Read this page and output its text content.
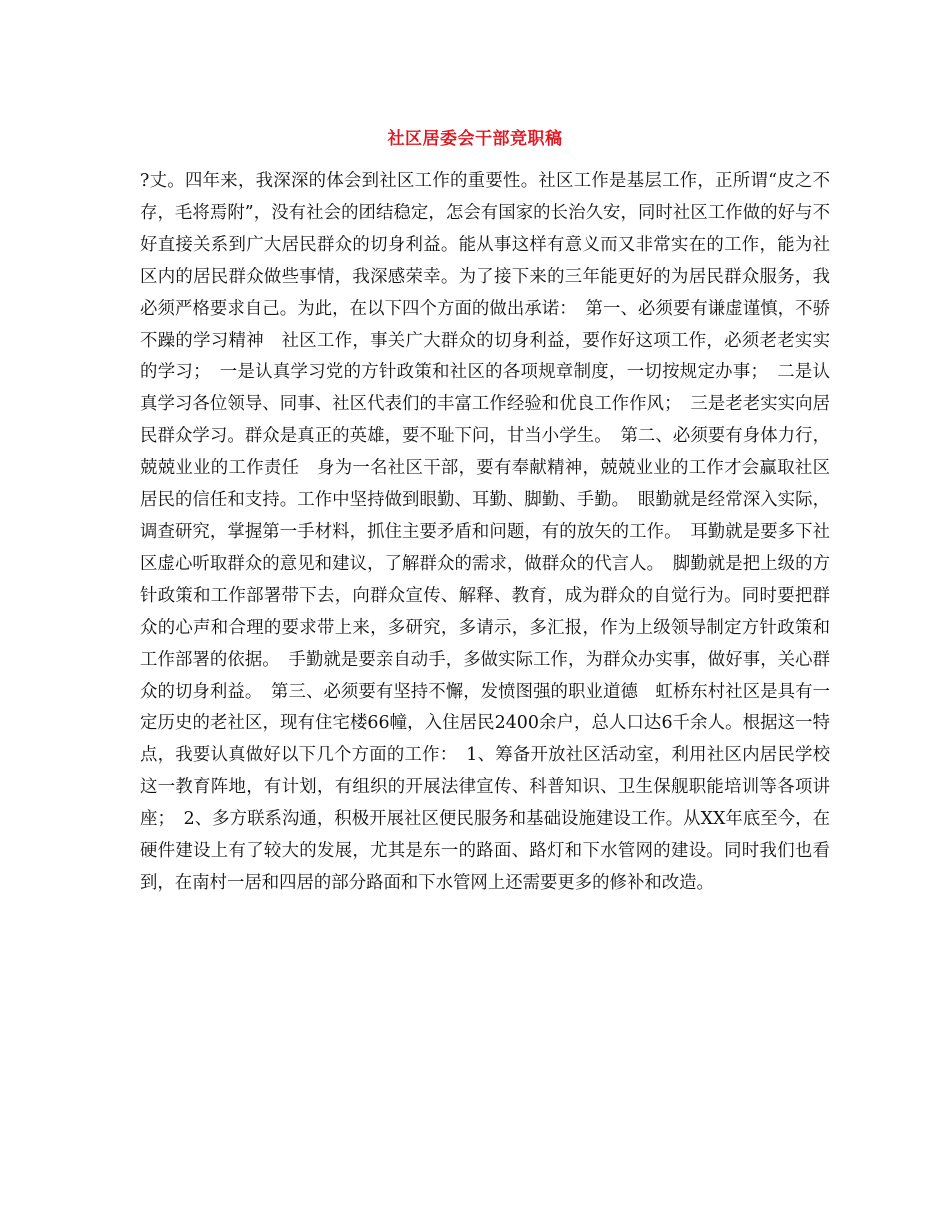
社区居委会干部竞职稿

?丈。四年来，我深深的体会到社区工作的重要性。社区工作是基层工作，正所谓“皮之不存，毛将焉附”，没有社会的团结稳定，怎会有国家的长治久安，同时社区工作做的好与不好直接关系到广大居民群众的切身利益。能从事这样有意义而又非常实在的工作，能为社区内的居民群众做些事情，我深感荣幸。为了接下来的三年能更好的为居民群众服务，我必须严格要求自己。为此，在以下四个方面的做出承诺：　第一、必须要有谦虚谨慎，不骄不躁的学习精神　社区工作，事关广大群众的切身利益，要作好这项工作，必须老老实实的学习；　一是认真学习党的方针政策和社区的各项规章制度，一切按规定办事；　二是认真学习各位领导、同事、社区代表们的丰富工作经验和优良工作作风；　三是老老实实向居民群众学习。群众是真正的英雄，要不耻下问，甘当小学生。　第二、必须要有身体力行，兢兢业业的工作责任　身为一名社区干部，要有奉献精神，兢兢业业的工作才会赢取社区居民的信任和支持。工作中坚持做到眼勤、耳勤、脚勤、手勤。　眼勤就是经常深入实际，调查研究，掌握第一手材料，抓住主要矛盾和问题，有的放矢的工作。　耳勤就是要多下社区虚心听取群众的意见和建议，了解群众的需求，做群众的代言人。　脚勤就是把上级的方针政策和工作部署带下去，向群众宣传、解释、教育，成为群众的自觉行为。同时要把群众的心声和合理的要求带上来，多研究，多请示，多汇报，作为上级领导制定方针政策和工作部署的依据。　手勤就是要亲自动手，多做实际工作，为群众办实事，做好事，关心群众的切身利益。　第三、必须要有坚持不懈，发愤图强的职业道德　虹桥东村社区是具有一定历史的老社区，现有住宅楼66幢，入住居民2400余户，总人口达6千余人。根据这一特点，我要认真做好以下几个方面的工作：　1、筹备开放社区活动室，利用社区内居民学校这一教育阵地，有计划，有组织的开展法律宣传、科普知识、卫生保舰职能培训等各项讲座；　2、多方联系沟通，积极开展社区便民服务和基础设施建设工作。从XX年底至今，在硬件建设上有了较大的发展，尤其是东一的路面、路灯和下水管网的建设。同时我们也看到，在南村一居和四居的部分路面和下水管网上还需要更多的修补和改造。
